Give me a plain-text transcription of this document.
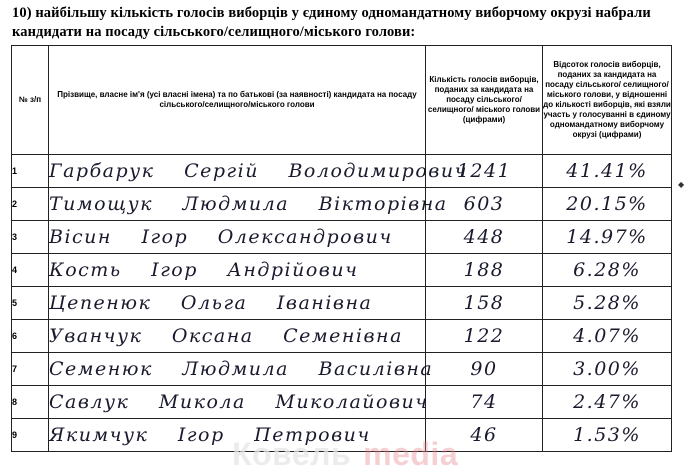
10) найбільшу кількість голосів виборців у єдиному одномандатному виборчому окрузі набрали кандидати на посаду сільського/селищного/міського голови:
№ з/п	Прізвище, власне ім'я (усі власні імена) та по батькові (за наявності) кандидата на посаду сільського/селищного/міського голови	Кількість голосів виборців, поданих за кандидата на посаду сільського/селищного/ міського голови (цифрами)	Відсоток голосів виборців, поданих за кандидата на посаду сільського/ селищного/міського голови, у відношенні до кількості виборців, які взяли участь у голосуванні в єдиному одномандатному виборчому окрузі (цифрами)
1	Гарбарук Сергій Володимирович	1241	41.41%
2	Тимощук Людмила Вікторівна	603	20.15%
3	Вісин Ігор Олександрович	448	14.97%
4	Кость Ігор Андрійович	188	6.28%
5	Цепенюк Ольга Іванівна	158	5.28%
6	Уванчук Оксана Семенівна	122	4.07%
7	Семенюк Людмила Василівна	90	3.00%
8	Савлук Микола Миколайович	74	2.47%
9	Якимчук Ігор Петрович	46	1.53%
◆
Ковель media
